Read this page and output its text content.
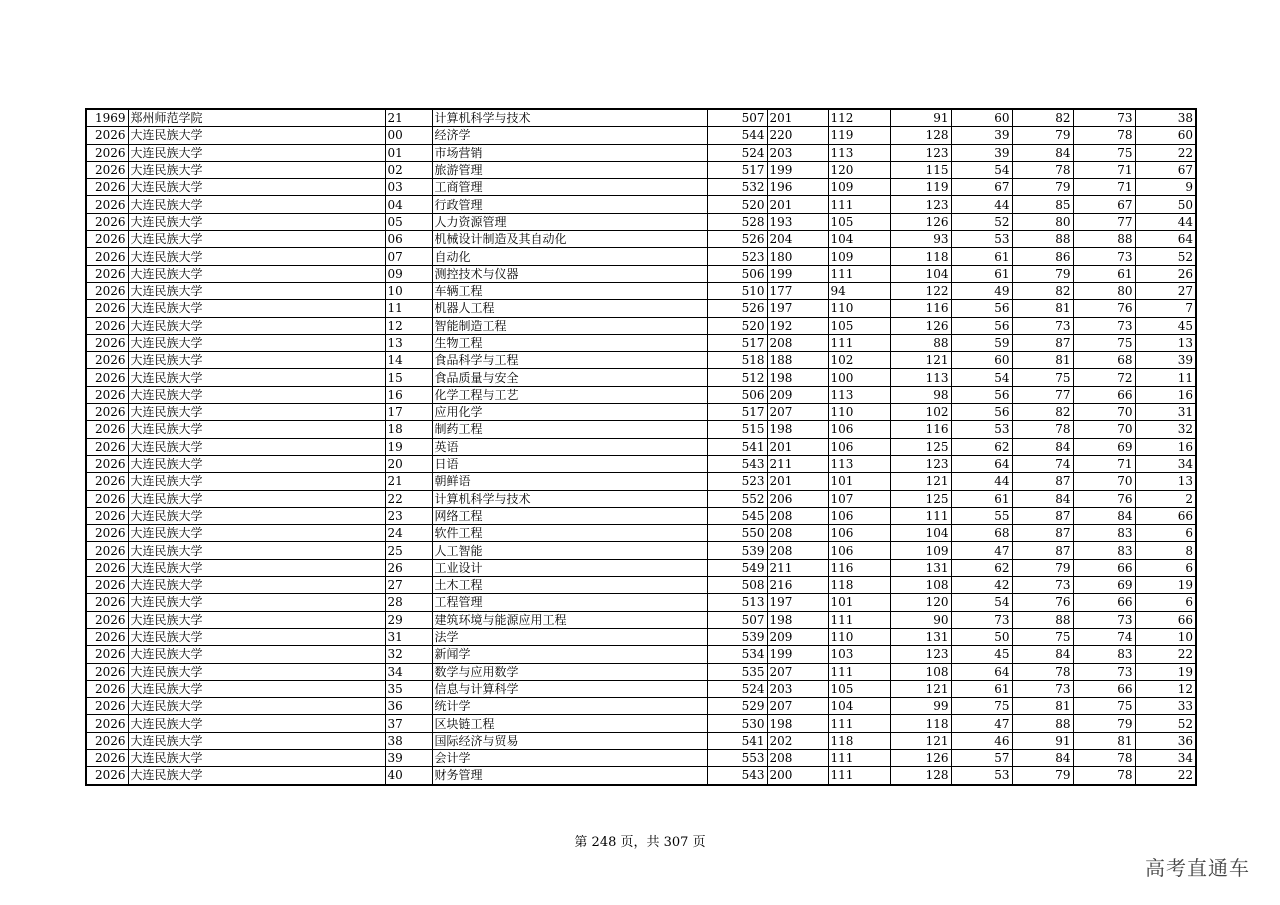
1969	郑州师范学院	21	计算机科学与技术	507	201	112	91	60	82	73	38
2026	大连民族大学	00	经济学	544	220	119	128	39	79	78	60
2026	大连民族大学	01	市场营销	524	203	113	123	39	84	75	22
2026	大连民族大学	02	旅游管理	517	199	120	115	54	78	71	67
2026	大连民族大学	03	工商管理	532	196	109	119	67	79	71	9
2026	大连民族大学	04	行政管理	520	201	111	123	44	85	67	50
2026	大连民族大学	05	人力资源管理	528	193	105	126	52	80	77	44
2026	大连民族大学	06	机械设计制造及其自动化	526	204	104	93	53	88	88	64
2026	大连民族大学	07	自动化	523	180	109	118	61	86	73	52
2026	大连民族大学	09	测控技术与仪器	506	199	111	104	61	79	61	26
2026	大连民族大学	10	车辆工程	510	177	94	122	49	82	80	27
2026	大连民族大学	11	机器人工程	526	197	110	116	56	81	76	7
2026	大连民族大学	12	智能制造工程	520	192	105	126	56	73	73	45
2026	大连民族大学	13	生物工程	517	208	111	88	59	87	75	13
2026	大连民族大学	14	食品科学与工程	518	188	102	121	60	81	68	39
2026	大连民族大学	15	食品质量与安全	512	198	100	113	54	75	72	11
2026	大连民族大学	16	化学工程与工艺	506	209	113	98	56	77	66	16
2026	大连民族大学	17	应用化学	517	207	110	102	56	82	70	31
2026	大连民族大学	18	制药工程	515	198	106	116	53	78	70	32
2026	大连民族大学	19	英语	541	201	106	125	62	84	69	16
2026	大连民族大学	20	日语	543	211	113	123	64	74	71	34
2026	大连民族大学	21	朝鲜语	523	201	101	121	44	87	70	13
2026	大连民族大学	22	计算机科学与技术	552	206	107	125	61	84	76	2
2026	大连民族大学	23	网络工程	545	208	106	111	55	87	84	66
2026	大连民族大学	24	软件工程	550	208	106	104	68	87	83	6
2026	大连民族大学	25	人工智能	539	208	106	109	47	87	83	8
2026	大连民族大学	26	工业设计	549	211	116	131	62	79	66	6
2026	大连民族大学	27	土木工程	508	216	118	108	42	73	69	19
2026	大连民族大学	28	工程管理	513	197	101	120	54	76	66	6
2026	大连民族大学	29	建筑环境与能源应用工程	507	198	111	90	73	88	73	66
2026	大连民族大学	31	法学	539	209	110	131	50	75	74	10
2026	大连民族大学	32	新闻学	534	199	103	123	45	84	83	22
2026	大连民族大学	34	数学与应用数学	535	207	111	108	64	78	73	19
2026	大连民族大学	35	信息与计算科学	524	203	105	121	61	73	66	12
2026	大连民族大学	36	统计学	529	207	104	99	75	81	75	33
2026	大连民族大学	37	区块链工程	530	198	111	118	47	88	79	52
2026	大连民族大学	38	国际经济与贸易	541	202	118	121	46	91	81	36
2026	大连民族大学	39	会计学	553	208	111	126	57	84	78	34
2026	大连民族大学	40	财务管理	543	200	111	128	53	79	78	22
第 248 页，共 307 页
高考直通车
